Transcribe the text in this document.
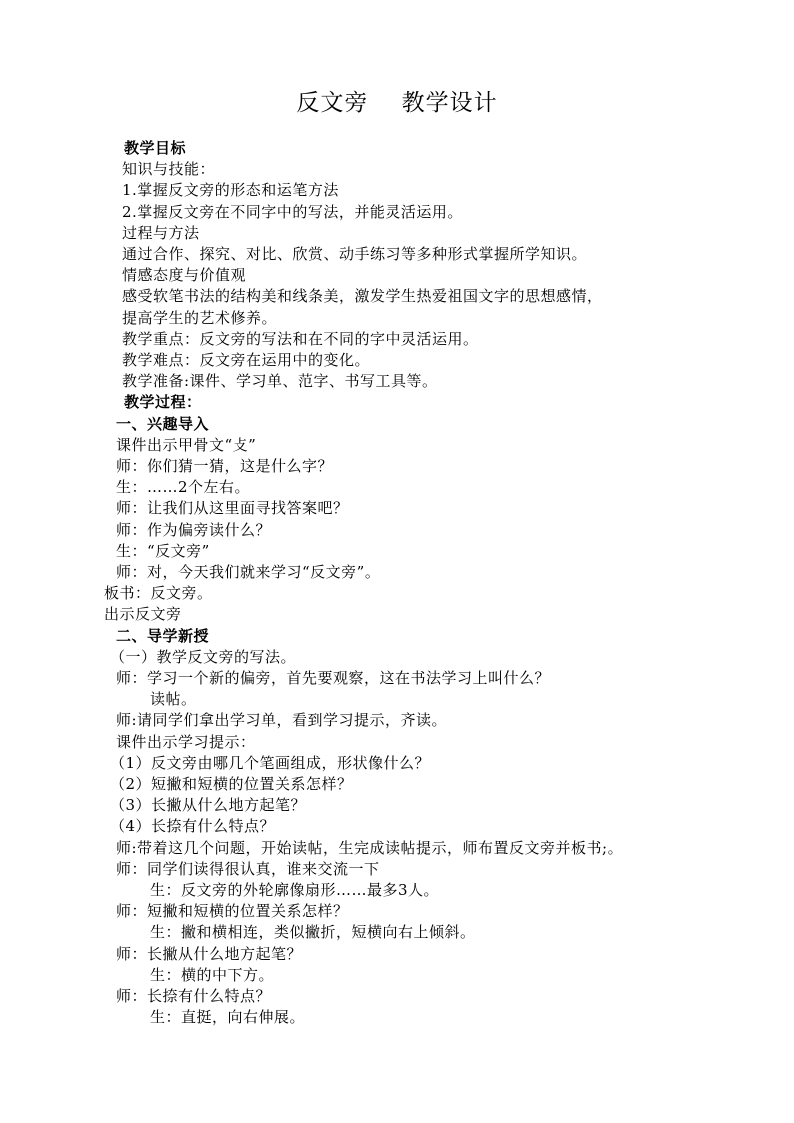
反文旁    教学设计
教学目标
知识与技能：
1.掌握反文旁的形态和运笔方法
2.掌握反文旁在不同字中的写法，并能灵活运用。
过程与方法
通过合作、探究、对比、欣赏、动手练习等多种形式掌握所学知识。
情感态度与价值观
感受软笔书法的结构美和线条美，激发学生热爱祖国文字的思想感情，
提高学生的艺术修养。
教学重点：反文旁的写法和在不同的字中灵活运用。
教学难点：反文旁在运用中的变化。
教学准备:课件、学习单、范字、书写工具等。
教学过程：
一、兴趣导入
课件出示甲骨文“攴”
师：你们猜一猜，这是什么字？
生：……2个左右。
师：让我们从这里面寻找答案吧？
师：作为偏旁读什么？
生：“反文旁”
师：对，今天我们就来学习“反文旁”。
板书：反文旁。
出示反文旁
二、导学新授
（一）教学反文旁的写法。
师：学习一个新的偏旁，首先要观察，这在书法学习上叫什么？
读帖。
师:请同学们拿出学习单，看到学习提示，齐读。
课件出示学习提示：
（1）反文旁由哪几个笔画组成，形状像什么？
（2）短撇和短横的位置关系怎样？
（3）长撇从什么地方起笔？
（4）长捺有什么特点？
师:带着这几个问题，开始读帖，生完成读帖提示，师布置反文旁并板书;。
师：同学们读得很认真，谁来交流一下
生：反文旁的外轮廓像扇形……最多3人。
师：短撇和短横的位置关系怎样？
生：撇和横相连，类似撇折，短横向右上倾斜。
师：长撇从什么地方起笔？
生：横的中下方。
师：长捺有什么特点？
生：直挺，向右伸展。
